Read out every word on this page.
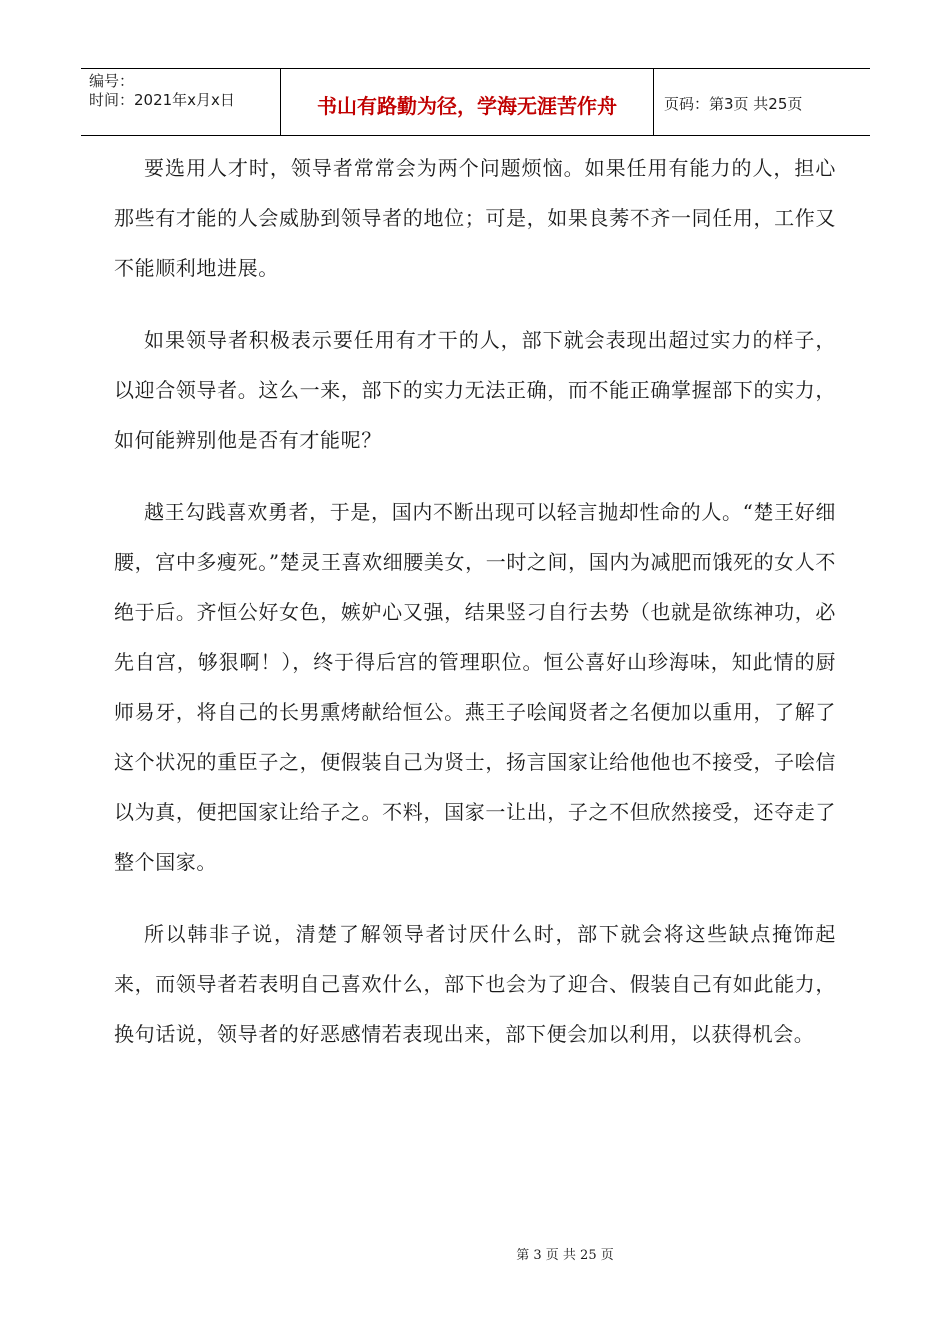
编号：
时间：2021年x月x日	书山有路勤为径，学海无涯苦作舟	页码：第3页 共25页

要选用人才时，领导者常常会为两个问题烦恼。如果任用有能力的人，担心那些有才能的人会威胁到领导者的地位；可是，如果良莠不齐一同任用，工作又不能顺利地进展。

如果领导者积极表示要任用有才干的人，部下就会表现出超过实力的样子，以迎合领导者。这么一来，部下的实力无法正确，而不能正确掌握部下的实力，如何能辨别他是否有才能呢？

越王勾践喜欢勇者，于是，国内不断出现可以轻言抛却性命的人。“楚王好细腰，宫中多瘦死。”楚灵王喜欢细腰美女，一时之间，国内为减肥而饿死的女人不绝于后。齐恒公好女色，嫉妒心又强，结果竖刁自行去势（也就是欲练神功，必先自宫，够狠啊！），终于得后宫的管理职位。恒公喜好山珍海味，知此情的厨师易牙，将自己的长男熏烤献给恒公。燕王子哙闻贤者之名便加以重用，了解了这个状况的重臣子之，便假装自己为贤士，扬言国家让给他他也不接受，子哙信以为真，便把国家让给子之。不料，国家一让出，子之不但欣然接受，还夺走了整个国家。

所以韩非子说，清楚了解领导者讨厌什么时，部下就会将这些缺点掩饰起来，而领导者若表明自己喜欢什么，部下也会为了迎合、假装自己有如此能力，换句话说，领导者的好恶感情若表现出来，部下便会加以利用，以获得机会。

第 3 页 共 25 页
